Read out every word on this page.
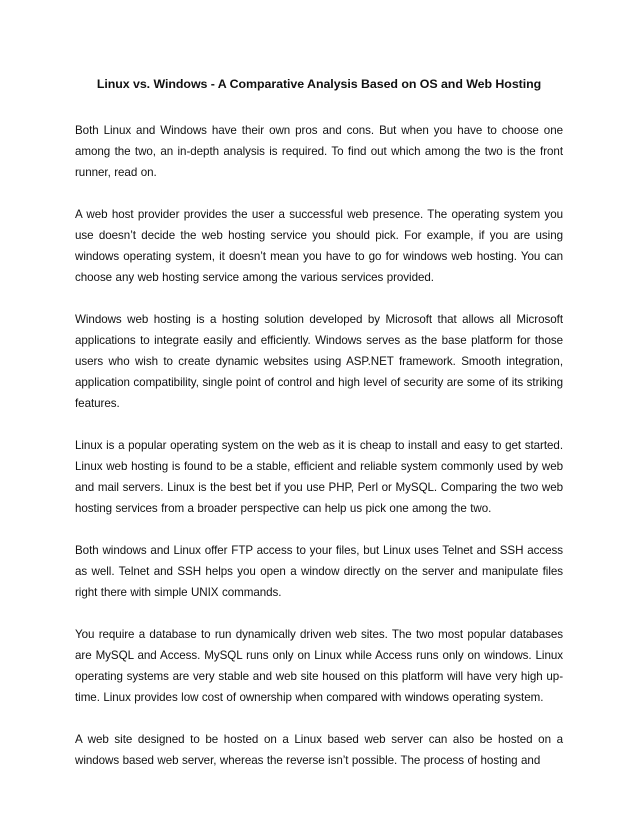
Linux vs. Windows - A Comparative Analysis Based on OS and Web Hosting

Both Linux and Windows have their own pros and cons. But when you have to choose one among the two, an in-depth analysis is required. To find out which among the two is the front runner, read on.

A web host provider provides the user a successful web presence. The operating system you use doesn’t decide the web hosting service you should pick. For example, if you are using windows operating system, it doesn’t mean you have to go for windows web hosting. You can choose any web hosting service among the various services provided.

Windows web hosting is a hosting solution developed by Microsoft that allows all Microsoft applications to integrate easily and efficiently. Windows serves as the base platform for those users who wish to create dynamic websites using ASP.NET framework. Smooth integration, application compatibility, single point of control and high level of security are some of its striking features.

Linux is a popular operating system on the web as it is cheap to install and easy to get started. Linux web hosting is found to be a stable, efficient and reliable system commonly used by web and mail servers. Linux is the best bet if you use PHP, Perl or MySQL. Comparing the two web hosting services from a broader perspective can help us pick one among the two.

Both windows and Linux offer FTP access to your files, but Linux uses Telnet and SSH access as well. Telnet and SSH helps you open a window directly on the server and manipulate files right there with simple UNIX commands.

You require a database to run dynamically driven web sites. The two most popular databases are MySQL and Access. MySQL runs only on Linux while Access runs only on windows. Linux operating systems are very stable and web site housed on this platform will have very high up-time. Linux provides low cost of ownership when compared with windows operating system.

A web site designed to be hosted on a Linux based web server can also be hosted on a windows based web server, whereas the reverse isn’t possible. The process of hosting and
